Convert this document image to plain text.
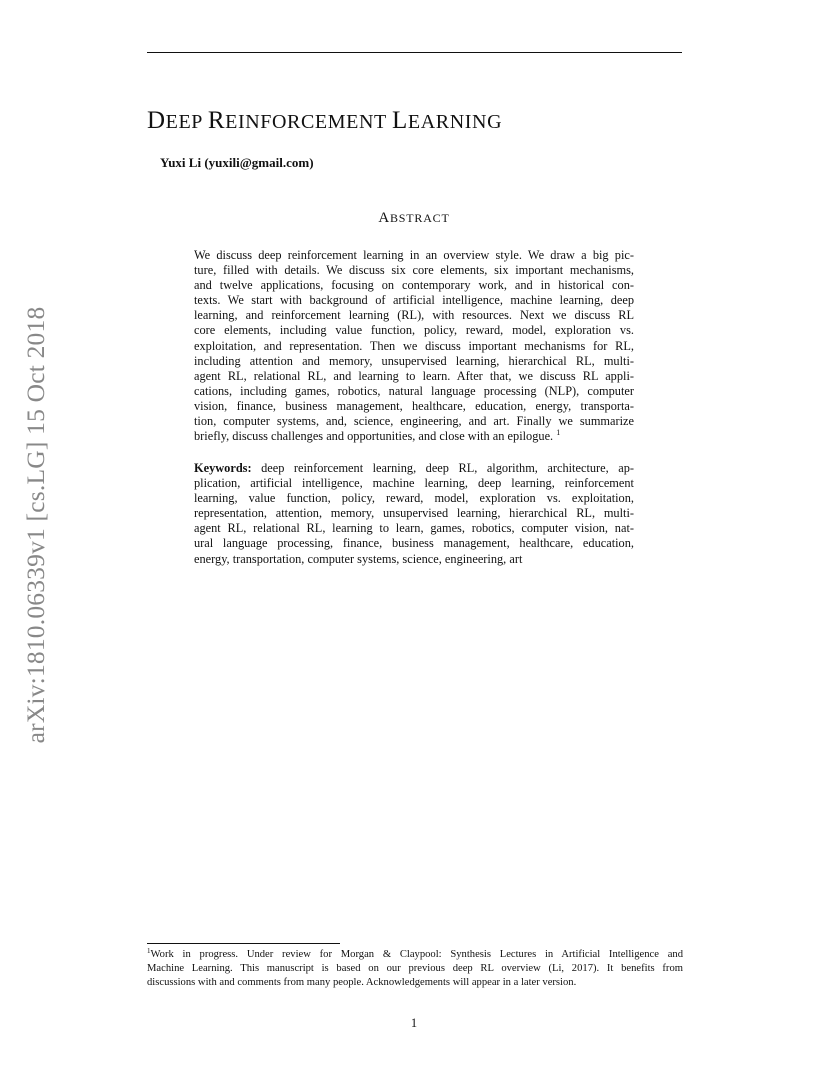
arXiv:1810.06339v1 [cs.LG] 15 Oct 2018
DEEP REINFORCEMENT LEARNING
Yuxi Li (yuxili@gmail.com)
ABSTRACT
We discuss deep reinforcement learning in an overview style. We draw a big pic-
ture, filled with details. We discuss six core elements, six important mechanisms,
and twelve applications, focusing on contemporary work, and in historical con-
texts. We start with background of artificial intelligence, machine learning, deep
learning, and reinforcement learning (RL), with resources. Next we discuss RL
core elements, including value function, policy, reward, model, exploration vs.
exploitation, and representation. Then we discuss important mechanisms for RL,
including attention and memory, unsupervised learning, hierarchical RL, multi-
agent RL, relational RL, and learning to learn. After that, we discuss RL appli-
cations, including games, robotics, natural language processing (NLP), computer
vision, finance, business management, healthcare, education, energy, transporta-
tion, computer systems, and, science, engineering, and art. Finally we summarize
briefly, discuss challenges and opportunities, and close with an epilogue. $^1$
Keywords: deep reinforcement learning, deep RL, algorithm, architecture, ap-
plication, artificial intelligence, machine learning, deep learning, reinforcement
learning, value function, policy, reward, model, exploration vs. exploitation,
representation, attention, memory, unsupervised learning, hierarchical RL, multi-
agent RL, relational RL, learning to learn, games, robotics, computer vision, nat-
ural language processing, finance, business management, healthcare, education,
energy, transportation, computer systems, science, engineering, art
$^1$Work in progress. Under review for Morgan & Claypool: Synthesis Lectures in Artificial Intelligence and
Machine Learning. This manuscript is based on our previous deep RL overview (Li, 2017). It benefits from
discussions with and comments from many people. Acknowledgements will appear in a later version.
1
